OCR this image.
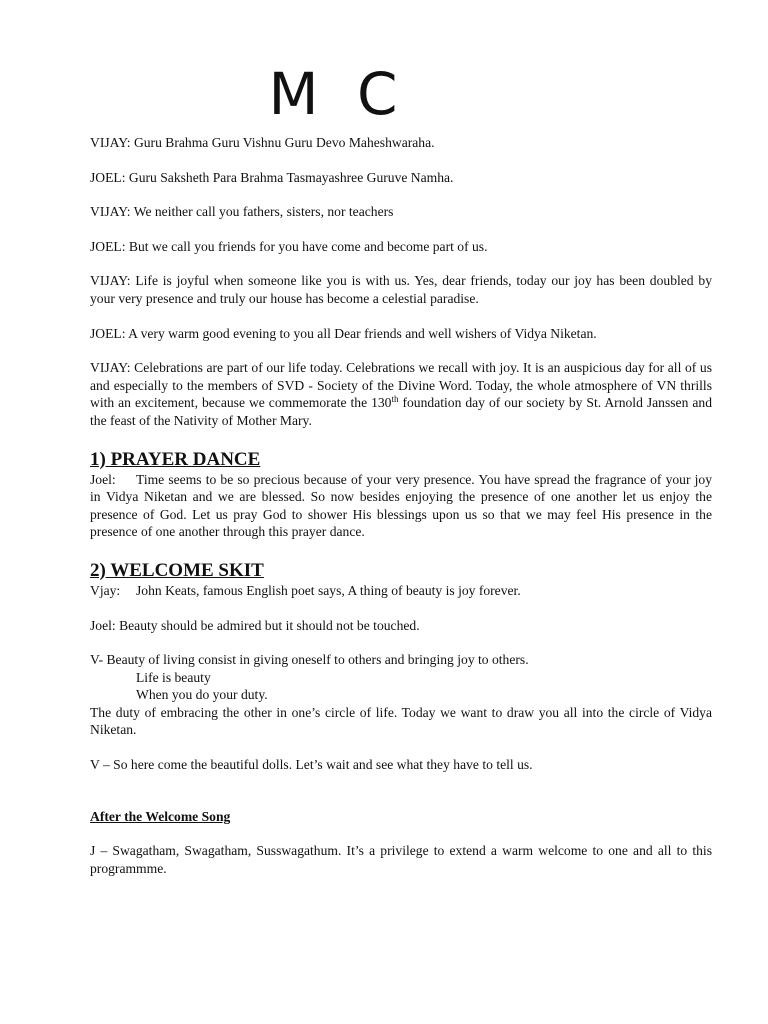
M C

VIJAY: Guru Brahma Guru Vishnu Guru Devo Maheshwaraha.

JOEL: Guru Saksheth Para Brahma Tasmayashree Guruve Namha.

VIJAY: We neither call you fathers, sisters, nor teachers

JOEL: But we call you friends for you have come and become part of us.

VIJAY: Life is joyful when someone like you is with us. Yes, dear friends, today our joy has been doubled by your very presence and truly our house has become a celestial paradise.

JOEL: A very warm good evening to you all Dear friends and well wishers of Vidya Niketan.

VIJAY: Celebrations are part of our life today. Celebrations we recall with joy. It is an auspicious day for all of us and especially to the members of SVD - Society of the Divine Word. Today, the whole atmosphere of VN thrills with an excitement, because we commemorate the 130th foundation day of our society by St. Arnold Janssen and the feast of the Nativity of Mother Mary.

1) PRAYER DANCE

Joel: Time seems to be so precious because of your very presence. You have spread the fragrance of your joy in Vidya Niketan and we are blessed. So now besides enjoying the presence of one another let us enjoy the presence of God. Let us pray God to shower His blessings upon us so that we may feel His presence in the presence of one another through this prayer dance.

2) WELCOME SKIT

Vjay: John Keats, famous English poet says, A thing of beauty is joy forever.

Joel: Beauty should be admired but it should not be touched.

V- Beauty of living consist in giving oneself to others and bringing joy to others.

Life is beauty

When you do your duty.

The duty of embracing the other in one’s circle of life. Today we want to draw you all into the circle of Vidya Niketan.

V – So here come the beautiful dolls. Let’s wait and see what they have to tell us.

After the Welcome Song

J – Swagatham, Swagatham, Susswagathum. It’s a privilege to extend a warm welcome to one and all to this programmme.
